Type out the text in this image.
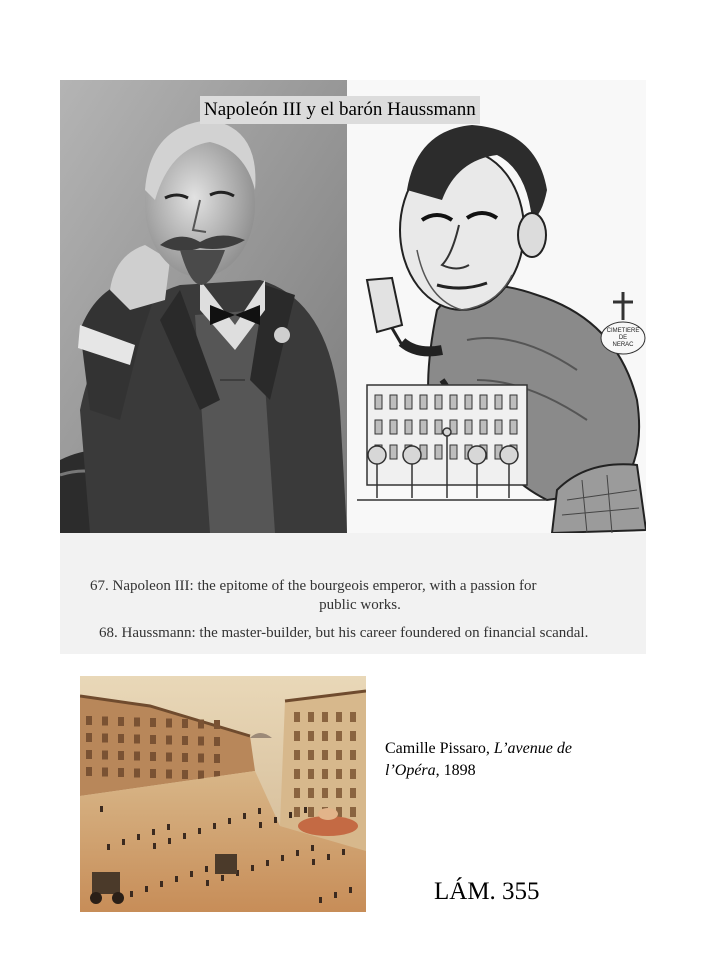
CIMETIERE
DE
NERAC
Napoleón III y el barón Haussmann
67. Napoleon III: the epitome of the bourgeois emperor, with a passion for
public works.
68. Haussmann: the master-builder, but his career foundered on financial scandal.
Camille Pissaro, L’avenue de
l’Opéra, 1898
LÁM. 355
